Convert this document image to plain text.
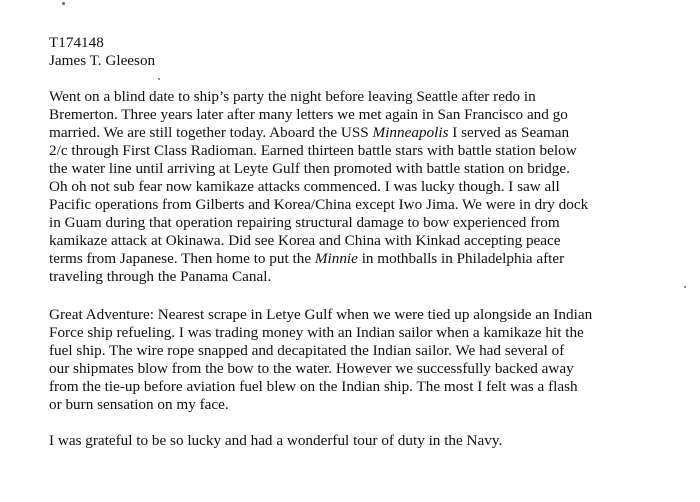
T174148
James T. Gleeson
Went on a blind date to ship’s party the night before leaving Seattle after redo in
Bremerton. Three years later after many letters we met again in San Francisco and go
married. We are still together today. Aboard the USS Minneapolis I served as Seaman
2/c through First Class Radioman. Earned thirteen battle stars with battle station below
the water line until arriving at Leyte Gulf then promoted with battle station on bridge.
Oh oh not sub fear now kamikaze attacks commenced. I was lucky though. I saw all
Pacific operations from Gilberts and Korea/China except Iwo Jima. We were in dry dock
in Guam during that operation repairing structural damage to bow experienced from
kamikaze attack at Okinawa. Did see Korea and China with Kinkad accepting peace
terms from Japanese. Then home to put the Minnie in mothballs in Philadelphia after
traveling through the Panama Canal.
Great Adventure: Nearest scrape in Letye Gulf when we were tied up alongside an Indian
Force ship refueling. I was trading money with an Indian sailor when a kamikaze hit the
fuel ship. The wire rope snapped and decapitated the Indian sailor. We had several of
our shipmates blow from the bow to the water. However we successfully backed away
from the tie-up before aviation fuel blew on the Indian ship. The most I felt was a flash
or burn sensation on my face.
I was grateful to be so lucky and had a wonderful tour of duty in the Navy.
